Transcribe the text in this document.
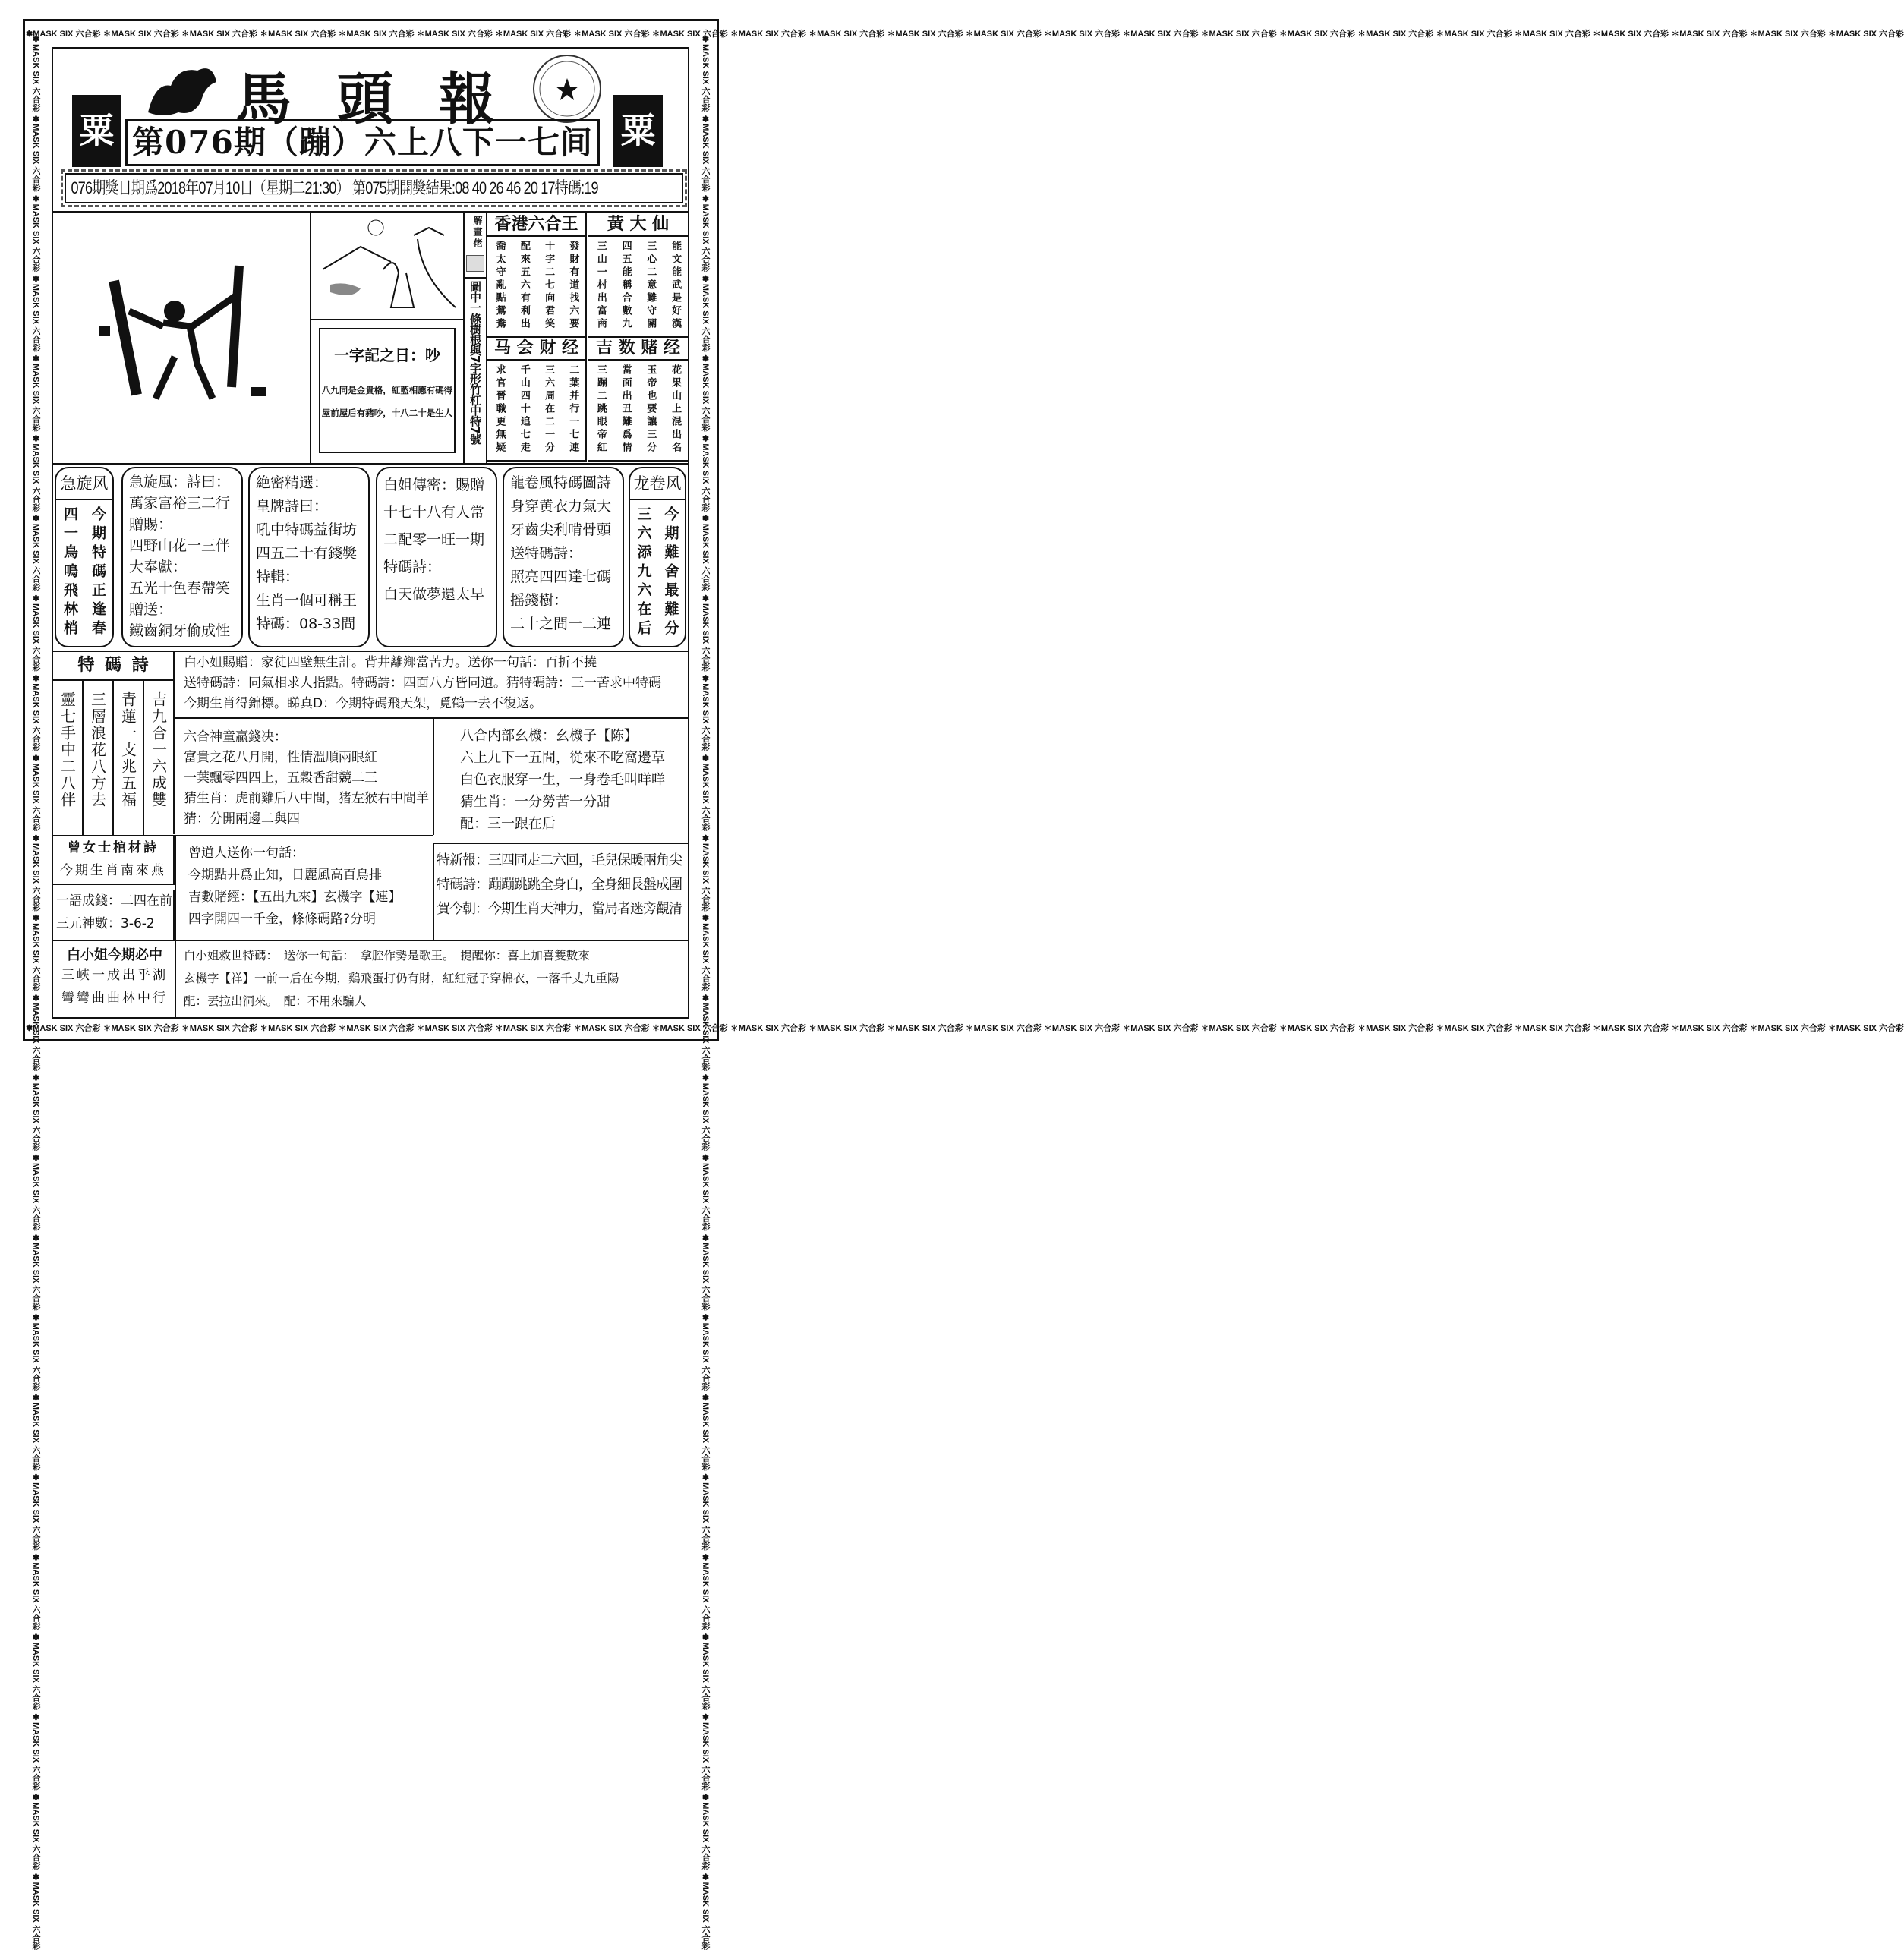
✽MASK SIX 六合彩 ✽MASK SIX 六合彩 ✽MASK SIX 六合彩 ✽MASK SIX 六合彩 ✽MASK SIX 六合彩 ✽MASK SIX 六合彩 ✽MASK SIX 六合彩 ✽MASK SIX 六合彩 ✽MASK SIX 六合彩 ✽MASK SIX 六合彩 ✽MASK SIX 六合彩 ✽MASK SIX 六合彩 ✽MASK SIX 六合彩 ✽MASK SIX 六合彩 ✽MASK SIX 六合彩 ✽MASK SIX 六合彩 ✽MASK SIX 六合彩 ✽MASK SIX 六合彩 ✽MASK SIX 六合彩 ✽MASK SIX 六合彩 ✽MASK SIX 六合彩 ✽MASK SIX 六合彩 ✽MASK SIX 六合彩 ✽MASK SIX 六合彩
✽MASK SIX 六合彩 ✽MASK SIX 六合彩 ✽MASK SIX 六合彩 ✽MASK SIX 六合彩 ✽MASK SIX 六合彩 ✽MASK SIX 六合彩 ✽MASK SIX 六合彩 ✽MASK SIX 六合彩 ✽MASK SIX 六合彩 ✽MASK SIX 六合彩 ✽MASK SIX 六合彩 ✽MASK SIX 六合彩 ✽MASK SIX 六合彩 ✽MASK SIX 六合彩 ✽MASK SIX 六合彩 ✽MASK SIX 六合彩 ✽MASK SIX 六合彩 ✽MASK SIX 六合彩 ✽MASK SIX 六合彩 ✽MASK SIX 六合彩 ✽MASK SIX 六合彩 ✽MASK SIX 六合彩 ✽MASK SIX 六合彩 ✽MASK SIX 六合彩
✽MASK SIX 六合彩 ✽MASK SIX 六合彩 ✽MASK SIX 六合彩 ✽MASK SIX 六合彩 ✽MASK SIX 六合彩 ✽MASK SIX 六合彩 ✽MASK SIX 六合彩 ✽MASK SIX 六合彩 ✽MASK SIX 六合彩 ✽MASK SIX 六合彩 ✽MASK SIX 六合彩 ✽MASK SIX 六合彩 ✽MASK SIX 六合彩 ✽MASK SIX 六合彩 ✽MASK SIX 六合彩 ✽MASK SIX 六合彩 ✽MASK SIX 六合彩 ✽MASK SIX 六合彩 ✽MASK SIX 六合彩 ✽MASK SIX 六合彩 ✽MASK SIX 六合彩 ✽MASK SIX 六合彩 ✽MASK SIX 六合彩 ✽MASK SIX 六合彩	✽MASK SIX 六合彩 ✽MASK SIX 六合彩 ✽MASK SIX 六合彩 ✽MASK SIX 六合彩 ✽MASK SIX 六合彩 ✽MASK SIX 六合彩 ✽MASK SIX 六合彩 ✽MASK SIX 六合彩 ✽MASK SIX 六合彩 ✽MASK SIX 六合彩 ✽MASK SIX 六合彩 ✽MASK SIX 六合彩 ✽MASK SIX 六合彩 ✽MASK SIX 六合彩 ✽MASK SIX 六合彩 ✽MASK SIX 六合彩 ✽MASK SIX 六合彩 ✽MASK SIX 六合彩 ✽MASK SIX 六合彩 ✽MASK SIX 六合彩 ✽MASK SIX 六合彩 ✽MASK SIX 六合彩 ✽MASK SIX 六合彩 ✽MASK SIX 六合彩
馬頭報
粟	粟
第076期（蹦）六上八下一七间
076期獎日期爲2018年07月10日（星期二21:30） 第075期開獎結果:08 40 26 46 20 17特碼:19
一字記之日：吵
八九同是金貴格，紅藍相應有碼得
屋前屋后有豬吵，十八二十是生人
解畫佬
圖中一條樹根與7字形竹杠中特7號
香港六合王
發財有道找六要
十字二七向君笑
配來五六有利出
喬太守亂點鴛鴦
黃 大 仙
能文能武是好漢
三心二意難守關
四五能稱合數九
三山一村出富商
马 会 财 经
二葉并行一七連
三六周在二一分
千山四十追七走
求官晉職更無疑
吉 数 赌 经
花果山上混出名
玉帝也要讓三分
當面出丑難爲情
三蹦二跳眼帝紅
急旋风
今期特碼正逢春
四一鳥鳴飛林梢
急旋風：詩曰：
萬家富裕三二行
贈賜：
四野山花一三伴
大奉獻：
五光十色春帶笑
贈送：
鐵齒銅牙偷成性
絶密精選：
皇牌詩曰：
吼中特碼益街坊
四五二十有錢獎
特輯：
生肖一個可稱王
特碼：08-33間
白姐傳密：賜贈
十七十八有人常
二配零一旺一期
特碼詩：
白天做夢還太早
龍卷風特碼圖詩
身穿黄衣力氣大
牙齒尖利啃骨頭
送特碼詩：
照亮四四達七碼
摇錢樹：
二十之間一二連
龙卷风
今期難舍最難分
三六添九六在后
特 碼 詩
吉九合一六成雙
青蓮一支兆五福
三層浪花八方去
靈七手中二八伴
白小姐賜贈：家徒四壁無生計。背井離鄉當苦力。送你一句話：百折不撓
送特碼詩：同氣相求人指點。特碼詩：四面八方皆同道。猜特碼詩：三一苦求中特碼
今期生肖得錦標。睇真D：今期特碼飛天架，覓鶴一去不復返。
六合神童贏錢决：
富貴之花八月開，性情溫順兩眼紅
一葉飄零四四上，五穀香甜競二三
猜生肖：虎前雞后八中間，猪左猴右中間羊
猜：分開兩邊二與四
八合内部幺機：幺機子【陈】
六上九下一五間，從來不吃窩邊草
白色衣服穿一生，一身卷毛叫咩咩
猜生肖：一分勞苦一分甜
配：三一跟在后
曾女士棺材詩
今期生肖南來燕
一語成錢：二四在前
三元神數：3-6-2
曾道人送你一句話：
今期點井爲止知，日麗風高百鳥排
吉數賭經：【五出九來】玄機字【連】
四字開四一千金，條條碼路?分明
特新報：三四同走二六回，毛兒保暖兩角尖
特碼詩：蹦蹦跳跳全身白，全身細長盤成團
賀今朝：今期生肖天神力，當局者迷旁觀清
白小姐今期必中
三峽一成出乎湖
彎彎曲曲林中行
白小姐救世特碼：　送你一句話：　拿腔作勢是歌王。　提醒你：喜上加喜雙數來
玄機字【祥】一前一后在今期，鷄飛蛋打仍有財，紅紅冠子穿棉衣，一落千丈九重陽
配：丟拉出洞來。　配：不用來騙人
